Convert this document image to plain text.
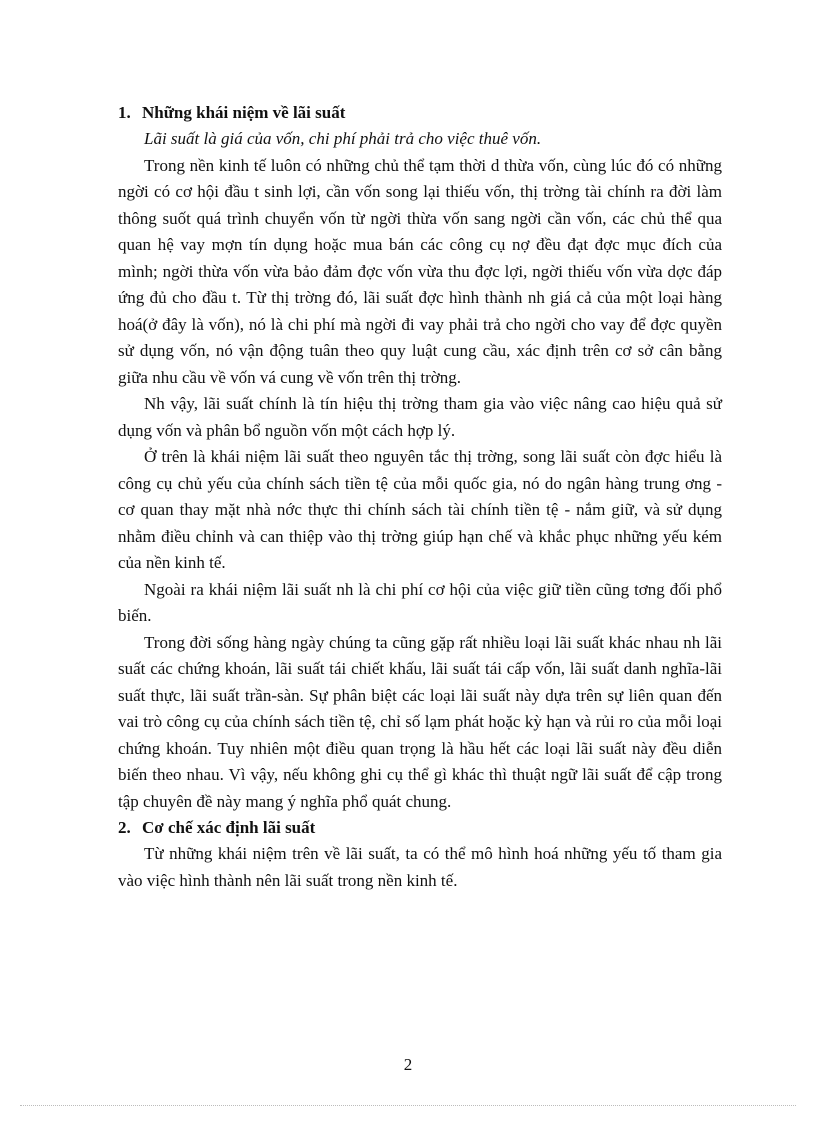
1. Những khái niệm về lãi suất

Lãi suất là giá của vốn, chi phí phải trả cho việc thuê vốn.

Trong nền kinh tế luôn có những chủ thể tạm thời d thừa vốn, cùng lúc đó có những ngời có cơ hội đầu t sinh lợi, cần vốn song lại thiếu vốn, thị trờng tài chính ra đời làm thông suốt quá trình chuyển vốn từ ngời thừa vốn sang ngời cần vốn, các chủ thể qua quan hệ vay mợn tín dụng hoặc mua bán các công cụ nợ đều đạt đợc mục đích của mình; ngời thừa vốn vừa bảo đảm đợc vốn vừa thu đợc lợi, ngời thiếu vốn vừa dợc đáp ứng đủ cho đầu t. Từ thị trờng đó, lãi suất đợc hình thành nh giá cả của một loại hàng hoá(ở đây là vốn), nó là chi phí mà ngời đi vay phải trả cho ngời cho vay để đợc quyền sử dụng vốn, nó vận động tuân theo quy luật cung cầu, xác định trên cơ sở cân bằng giữa nhu cầu về vốn vá cung về vốn trên thị trờng.

Nh vậy, lãi suất chính là tín hiệu thị trờng tham gia vào việc nâng cao hiệu quả sử dụng vốn và phân bổ nguồn vốn một cách hợp lý.

Ở trên là khái niệm lãi suất theo nguyên tắc thị trờng, song lãi suất còn đợc hiểu là công cụ chủ yếu của chính sách tiền tệ của mỗi quốc gia, nó do ngân hàng trung ơng - cơ quan thay mặt nhà nớc thực thi chính sách tài chính tiền tệ - nắm giữ, và sử dụng nhằm điều chỉnh và can thiệp vào thị trờng giúp hạn chế và khắc phục những yếu kém của nền kinh tế.

Ngoài ra khái niệm lãi suất nh là chi phí cơ hội của việc giữ tiền cũng tơng đối phổ biến.

Trong đời sống hàng ngày chúng ta cũng gặp rất nhiều loại lãi suất khác nhau nh lãi suất các chứng khoán, lãi suất tái chiết khấu, lãi suất tái cấp vốn, lãi suất danh nghĩa-lãi suất thực, lãi suất trần-sàn. Sự phân biệt các loại lãi suất này dựa trên sự liên quan đến vai trò công cụ của chính sách tiền tệ, chỉ số lạm phát hoặc kỳ hạn và rủi ro của mỗi loại chứng khoán. Tuy nhiên một điều quan trọng là hầu hết các loại lãi suất này đều diễn biến theo nhau. Vì vậy, nếu không ghi cụ thể gì khác thì thuật ngữ lãi suất để cập trong tập chuyên đề này mang ý nghĩa phổ quát chung.

2. Cơ chế xác định lãi suất

Từ những khái niệm trên về lãi suất, ta có thể mô hình hoá những yếu tố tham gia vào việc hình thành nên lãi suất trong nền kinh tế.

2
